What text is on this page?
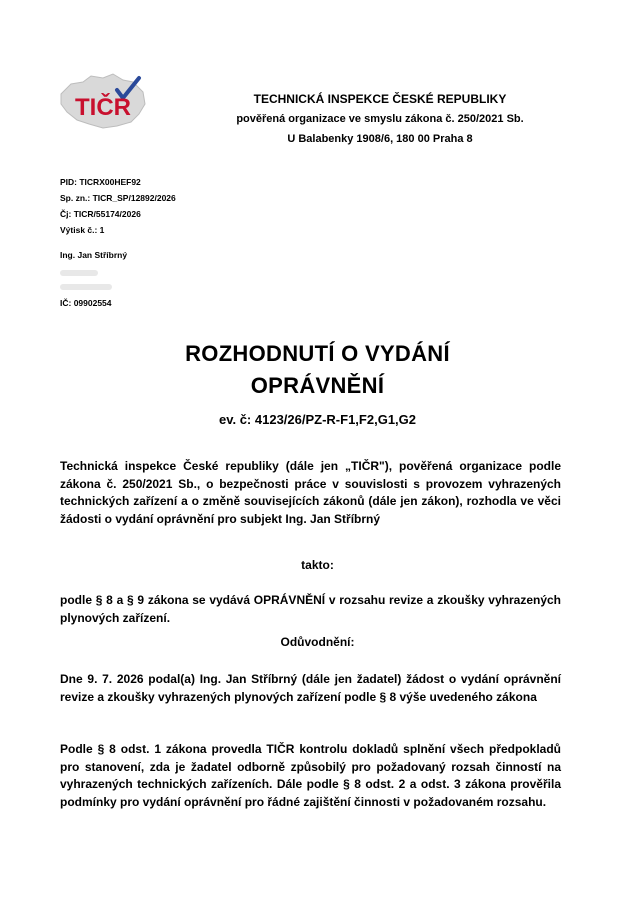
TIČR	TECHNICKÁ INSPEKCE ČESKÉ REPUBLIKY
pověřená organizace ve smyslu zákona č. 250/2021 Sb.
U Balabenky 1908/6, 180 00 Praha 8
PID: TICRX00HEF92
Sp. zn.: TICR_SP/12892/2026
Čj: TICR/55174/2026
Výtisk č.: 1
Ing. Jan Stříbrný
IČ: 09902554
ROZHODNUTÍ O VYDÁNÍ
OPRÁVNĚNÍ
ev. č: 4123/26/PZ-R-F1,F2,G1,G2
Technická inspekce České republiky (dále jen „TIČR"), pověřená organizace podle zákona č. 250/2021 Sb., o bezpečnosti práce v souvislosti s provozem vyhrazených technických zařízení a o změně souvisejících zákonů (dále jen zákon), rozhodla ve věci žádosti o vydání oprávnění pro subjekt Ing. Jan Stříbrný
takto:
podle § 8 a § 9 zákona se vydává OPRÁVNĚNÍ v rozsahu revize a zkoušky vyhrazených plynových zařízení.
Odůvodnění:
Dne 9. 7. 2026 podal(a) Ing. Jan Stříbrný (dále jen žadatel) žádost o vydání oprávnění revize a zkoušky vyhrazených plynových zařízení podle § 8 výše uvedeného zákona
Podle § 8 odst. 1 zákona provedla TIČR kontrolu dokladů splnění všech předpokladů pro stanovení, zda je žadatel odborně způsobilý pro požadovaný rozsah činností na vyhrazených technických zařízeních. Dále podle § 8 odst. 2 a odst. 3 zákona prověřila podmínky pro vydání oprávnění pro řádné zajištění činnosti v požadovaném rozsahu.
